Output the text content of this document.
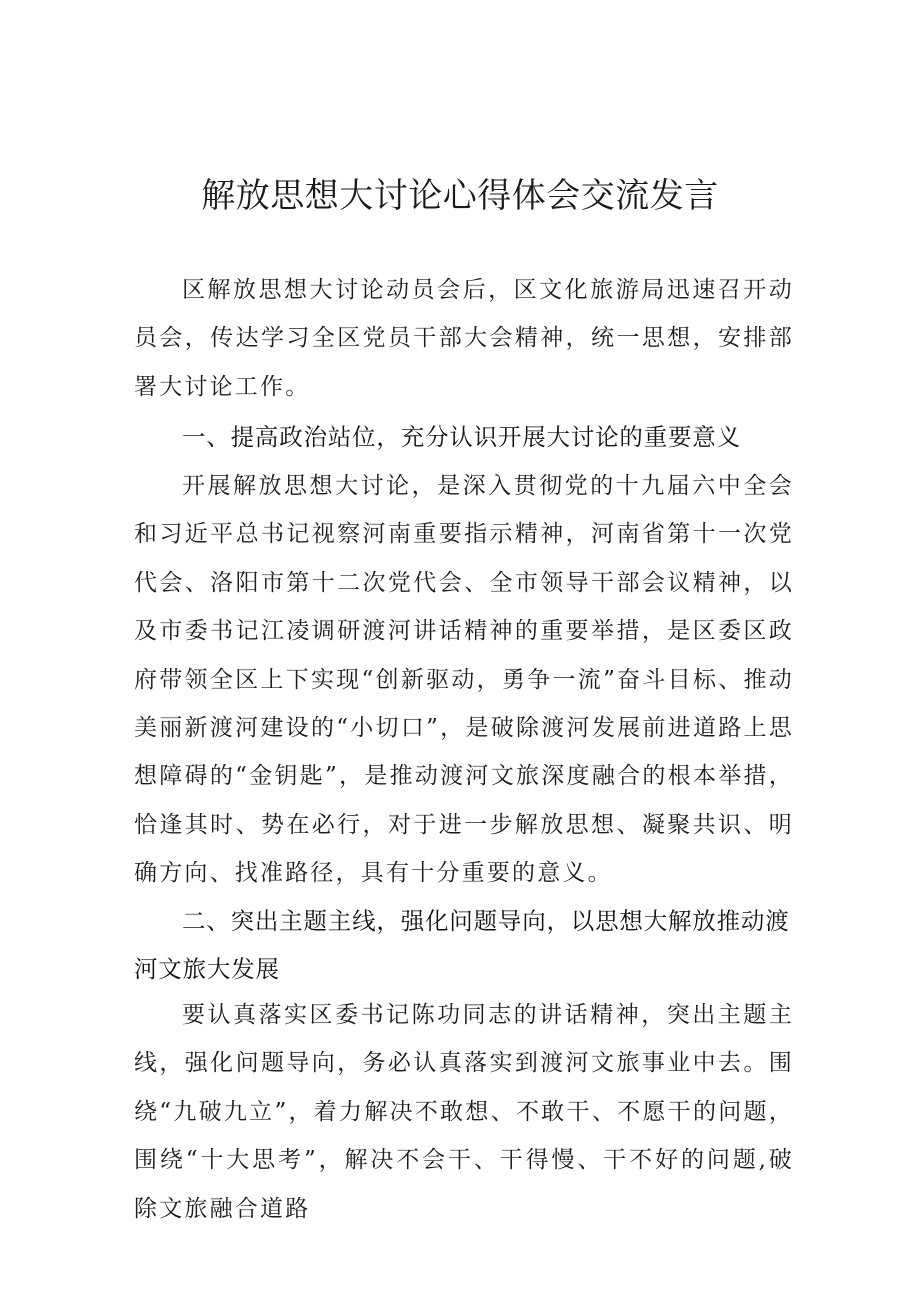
解放思想大讨论心得体会交流发言

区解放思想大讨论动员会后，区文化旅游局迅速召开动员会，传达学习全区党员干部大会精神，统一思想，安排部署大讨论工作。

一、提高政治站位，充分认识开展大讨论的重要意义

开展解放思想大讨论，是深入贯彻党的十九届六中全会和习近平总书记视察河南重要指示精神，河南省第十一次党代会、洛阳市第十二次党代会、全市领导干部会议精神，以及市委书记江凌调研渡河讲话精神的重要举措，是区委区政府带领全区上下实现“创新驱动，勇争一流”奋斗目标、推动美丽新渡河建设的“小切口”，是破除渡河发展前进道路上思想障碍的“金钥匙”，是推动渡河文旅深度融合的根本举措，恰逢其时、势在必行，对于进一步解放思想、凝聚共识、明确方向、找准路径，具有十分重要的意义。

二、突出主题主线，强化问题导向，以思想大解放推动渡河文旅大发展

要认真落实区委书记陈功同志的讲话精神，突出主题主线，强化问题导向，务必认真落实到渡河文旅事业中去。围绕“九破九立”，着力解决不敢想、不敢干、不愿干的问题，围绕“十大思考”，解决不会干、干得慢、干不好的问题,破除文旅融合道路
